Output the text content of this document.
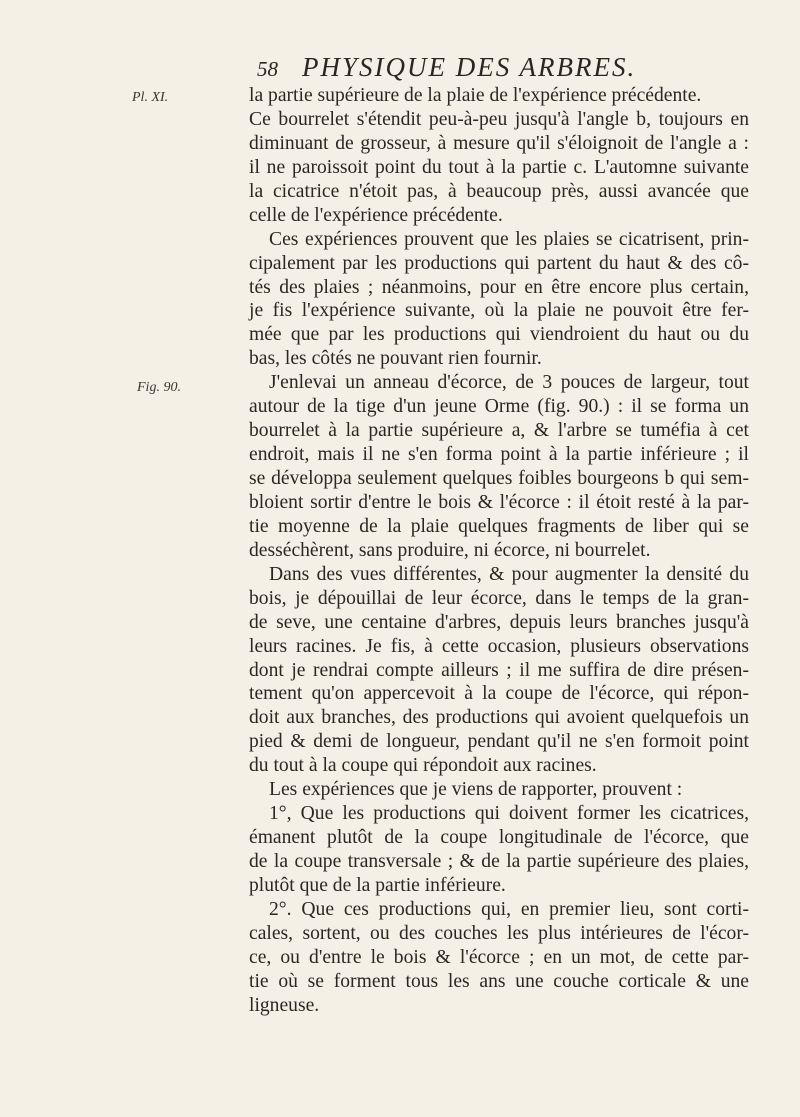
58 PHYSIQUE DES ARBRES.
Pl. XI.
Fig. 90.
la partie supérieure de la plaie de l'expérience précédente.
Ce bourrelet s'étendit peu-à-peu jusqu'à l'angle b, toujours en
diminuant de grosseur, à mesure qu'il s'éloignoit de l'angle a :
il ne paroissoit point du tout à la partie c. L'automne suivante
la cicatrice n'étoit pas, à beaucoup près, aussi avancée que
celle de l'expérience précédente.
Ces expériences prouvent que les plaies se cicatrisent, prin-
cipalement par les productions qui partent du haut & des cô-
tés des plaies ; néanmoins, pour en être encore plus certain,
je fis l'expérience suivante, où la plaie ne pouvoit être fer-
mée que par les productions qui viendroient du haut ou du
bas, les côtés ne pouvant rien fournir.
J'enlevai un anneau d'écorce, de 3 pouces de largeur, tout
autour de la tige d'un jeune Orme (fig. 90.) : il se forma un
bourrelet à la partie supérieure a, & l'arbre se tuméfia à cet
endroit, mais il ne s'en forma point à la partie inférieure ; il
se développa seulement quelques foibles bourgeons b qui sem-
bloient sortir d'entre le bois & l'écorce : il étoit resté à la par-
tie moyenne de la plaie quelques fragments de liber qui se
desséchèrent, sans produire, ni écorce, ni bourrelet.
Dans des vues différentes, & pour augmenter la densité du
bois, je dépouillai de leur écorce, dans le temps de la gran-
de seve, une centaine d'arbres, depuis leurs branches jusqu'à
leurs racines. Je fis, à cette occasion, plusieurs observations
dont je rendrai compte ailleurs ; il me suffira de dire présen-
tement qu'on appercevoit à la coupe de l'écorce, qui répon-
doit aux branches, des productions qui avoient quelquefois un
pied & demi de longueur, pendant qu'il ne s'en formoit point
du tout à la coupe qui répondoit aux racines.
Les expériences que je viens de rapporter, prouvent :
1°, Que les productions qui doivent former les cicatrices,
émanent plutôt de la coupe longitudinale de l'écorce, que
de la coupe transversale ; & de la partie supérieure des plaies,
plutôt que de la partie inférieure.
2°. Que ces productions qui, en premier lieu, sont corti-
cales, sortent, ou des couches les plus intérieures de l'écor-
ce, ou d'entre le bois & l'écorce ; en un mot, de cette par-
tie où se forment tous les ans une couche corticale & une
ligneuse.
